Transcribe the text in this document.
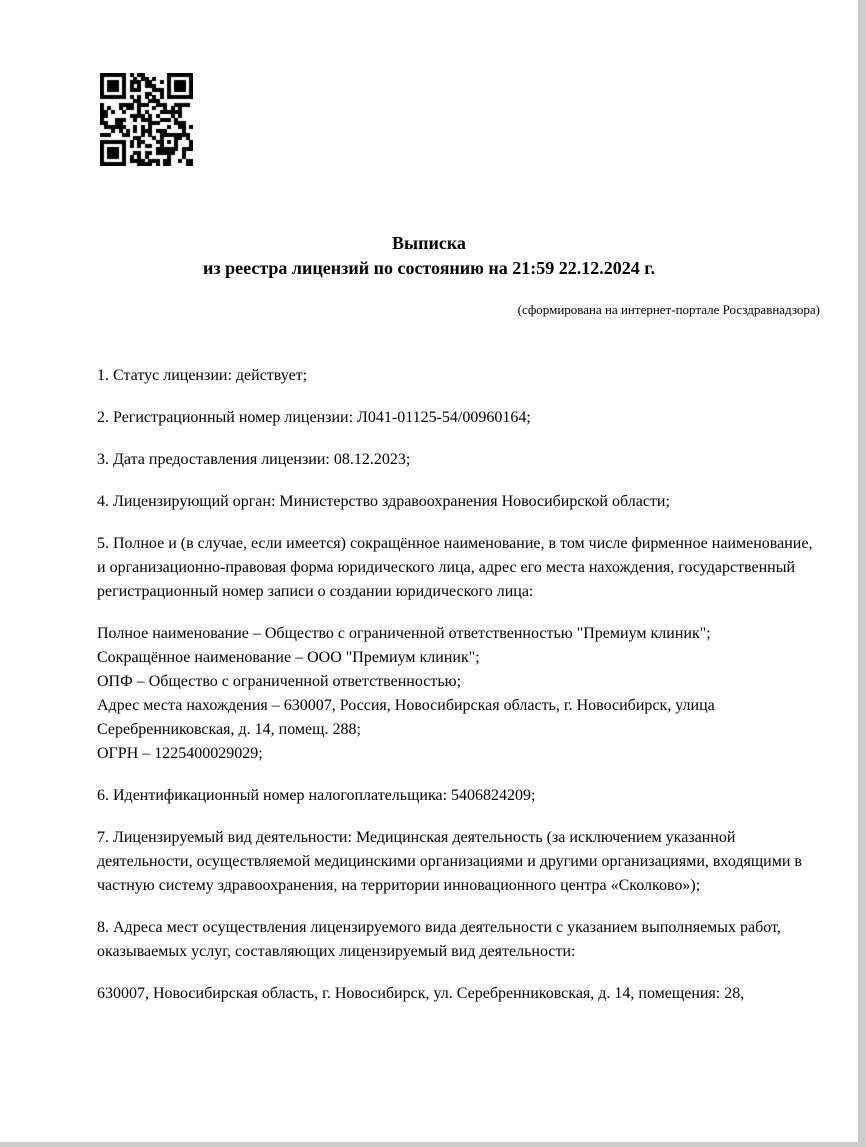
Выписка
из реестра лицензий по состоянию на 21:59 22.12.2024 г.
(сформирована на интернет-портале Росздравнадзора)

1. Статус лицензии: действует;

2. Регистрационный номер лицензии: Л041-01125-54/00960164;

3. Дата предоставления лицензии: 08.12.2023;

4. Лицензирующий орган: Министерство здравоохранения Новосибирской области;

5. Полное и (в случае, если имеется) сокращённое наименование, в том числе фирменное наименование, и организационно-правовая форма юридического лица, адрес его места нахождения, государственный регистрационный номер записи о создании юридического лица:

Полное наименование – Общество с ограниченной ответственностью "Премиум клиник";
Сокращённое наименование – ООО "Премиум клиник";
ОПФ – Общество с ограниченной ответственностью;
Адрес места нахождения – 630007, Россия, Новосибирская область, г. Новосибирск, улица Серебренниковская, д. 14, помещ. 288;
ОГРН – 1225400029029;

6. Идентификационный номер налогоплательщика: 5406824209;

7. Лицензируемый вид деятельности: Медицинская деятельность (за исключением указанной деятельности, осуществляемой медицинскими организациями и другими организациями, входящими в частную систему здравоохранения, на территории инновационного центра «Сколково»);

8. Адреса мест осуществления лицензируемого вида деятельности с указанием выполняемых работ, оказываемых услуг, составляющих лицензируемый вид деятельности:

630007, Новосибирская область, г. Новосибирск, ул. Серебренниковская, д. 14, помещения: 28,
